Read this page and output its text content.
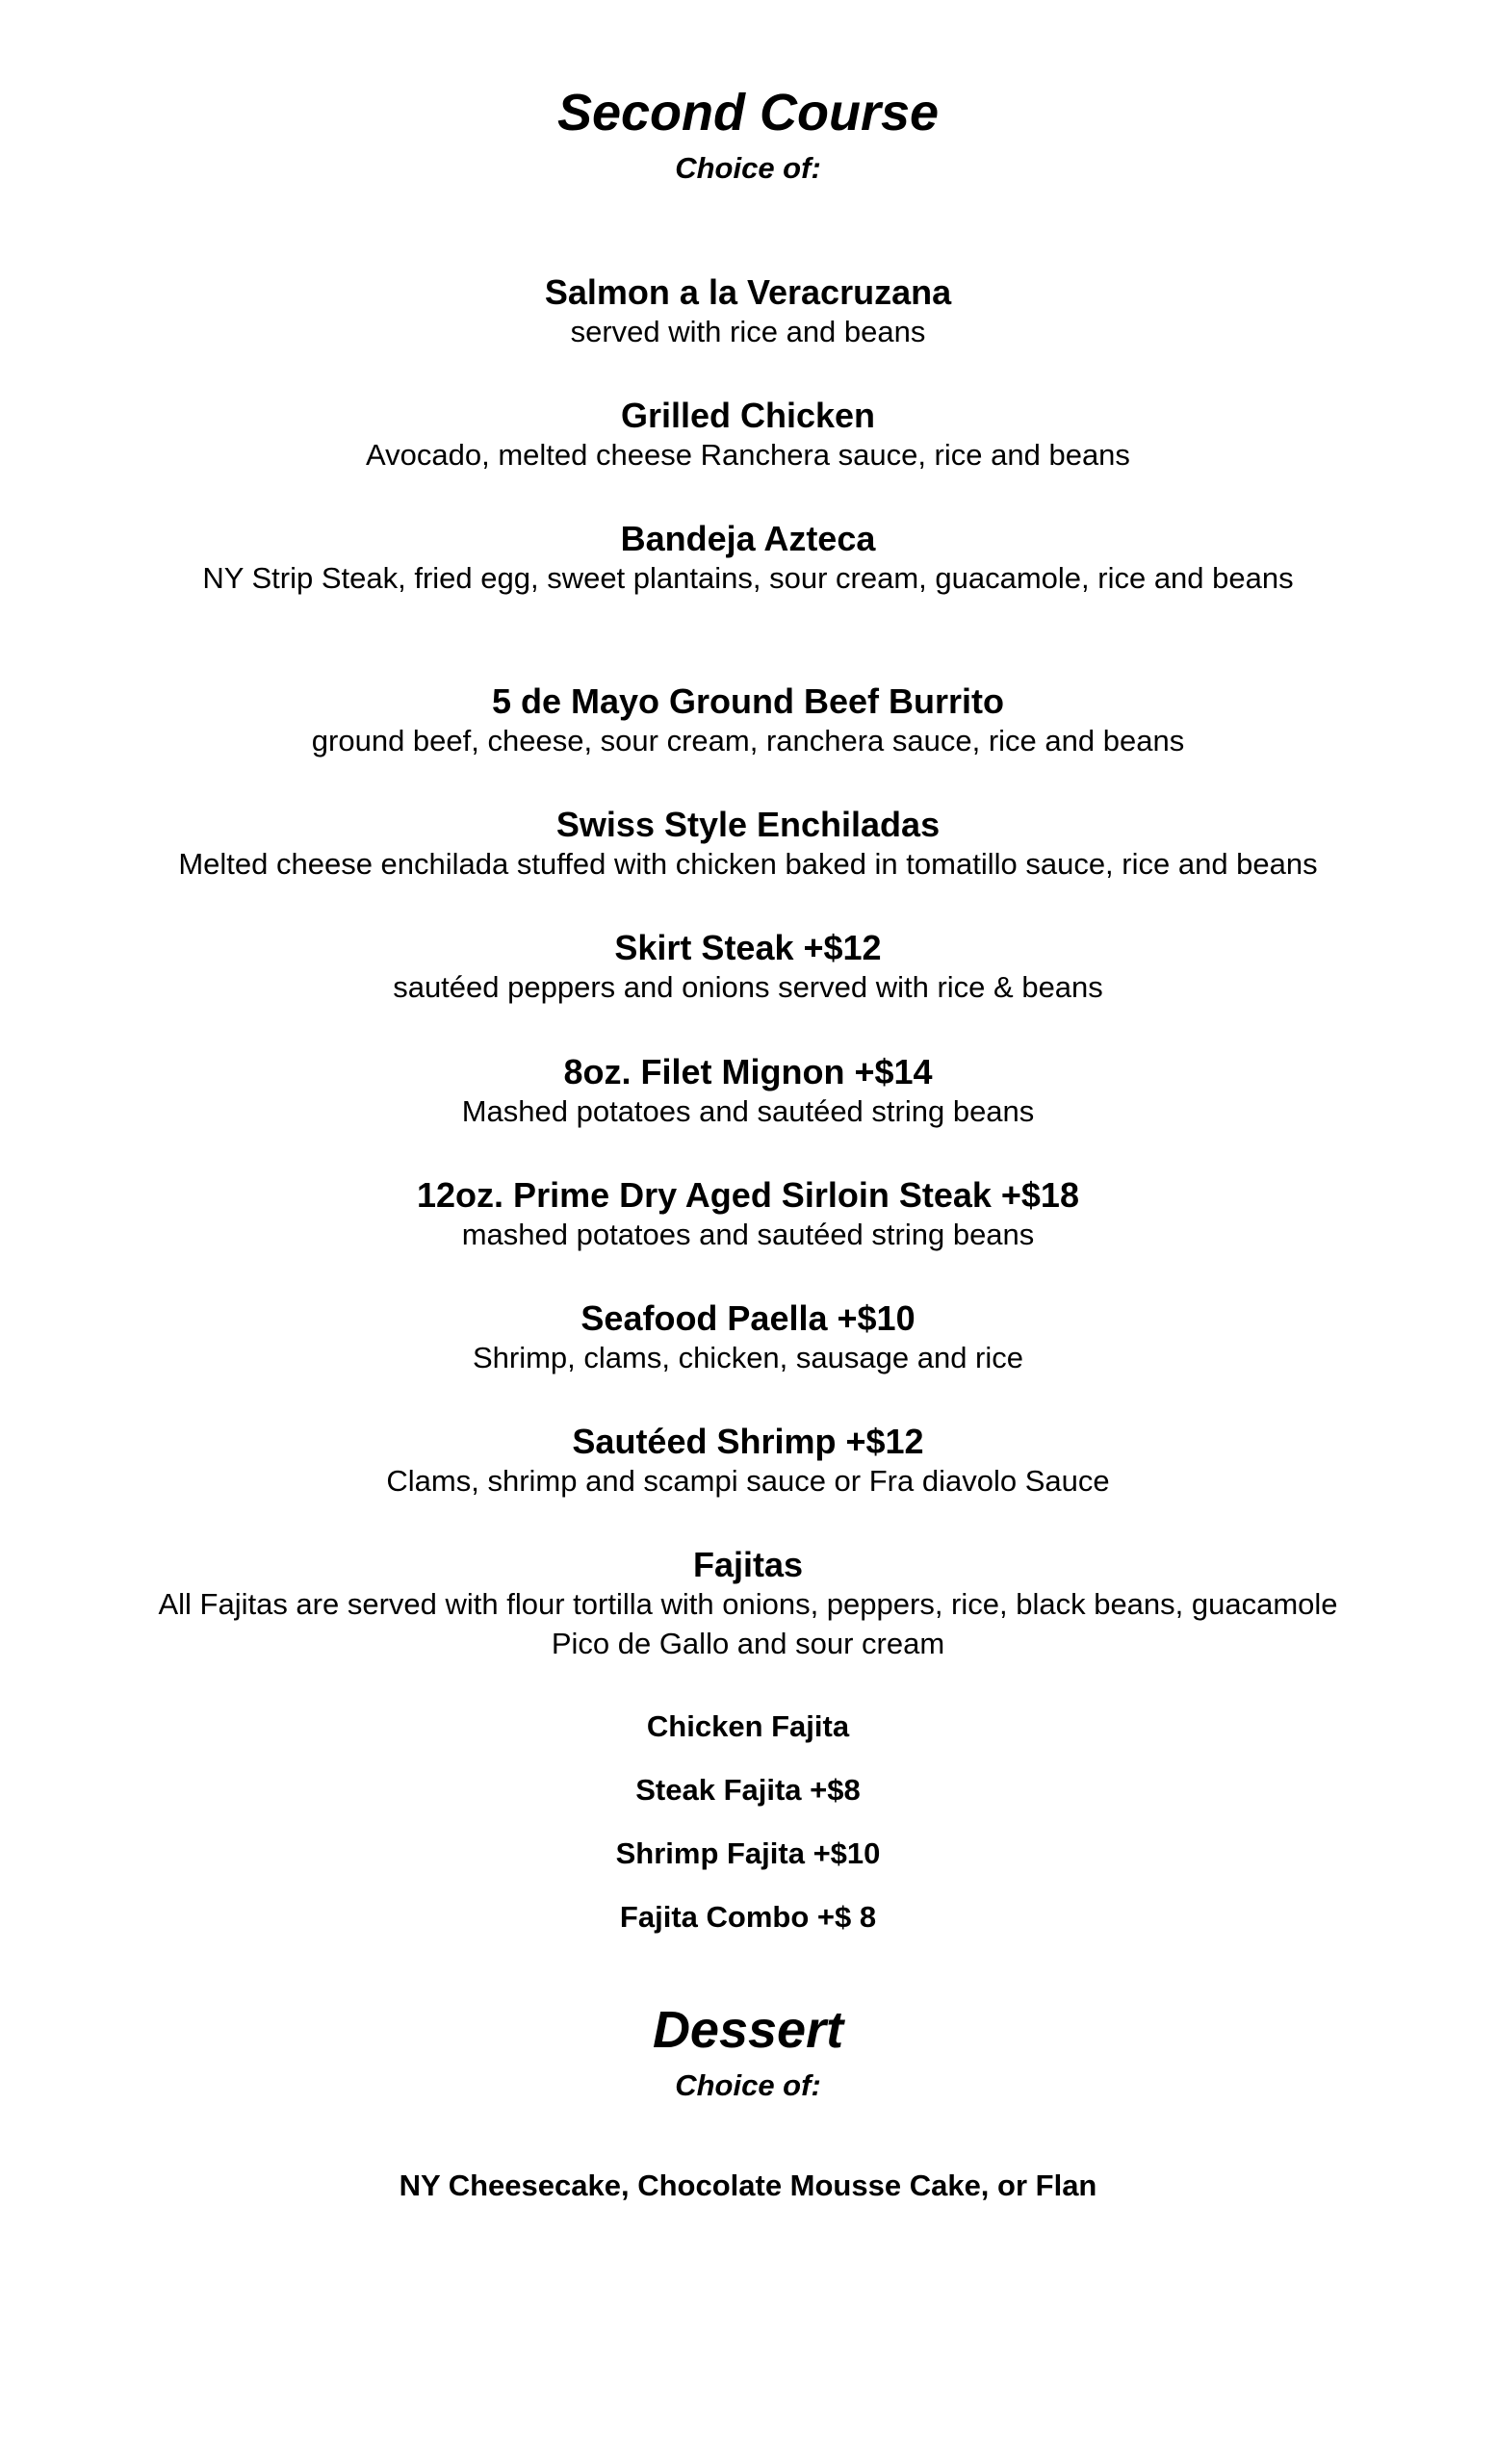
Second Course

Choice of:

Salmon a la Veracruzana

served with rice and beans

Grilled Chicken

Avocado, melted cheese Ranchera sauce, rice and beans

Bandeja Azteca

NY Strip Steak, fried egg, sweet plantains, sour cream, guacamole, rice and beans

5 de Mayo Ground Beef Burrito

ground beef, cheese, sour cream, ranchera sauce, rice and beans

Swiss Style Enchiladas

Melted cheese enchilada stuffed with chicken baked in tomatillo sauce, rice and beans

Skirt Steak +$12

sautéed peppers and onions served with rice & beans

8oz. Filet Mignon +$14

Mashed potatoes and sautéed string beans

12oz. Prime Dry Aged Sirloin Steak +$18

mashed potatoes and sautéed string beans

Seafood Paella +$10

Shrimp, clams, chicken, sausage and rice

Sautéed Shrimp +$12

Clams, shrimp and scampi sauce or Fra diavolo Sauce

Fajitas

All Fajitas are served with flour tortilla with onions, peppers, rice, black beans, guacamole

Pico de Gallo and sour cream

Chicken Fajita

Steak Fajita +$8

Shrimp Fajita +$10

Fajita Combo +$ 8

Dessert

Choice of:

NY Cheesecake, Chocolate Mousse Cake, or Flan
